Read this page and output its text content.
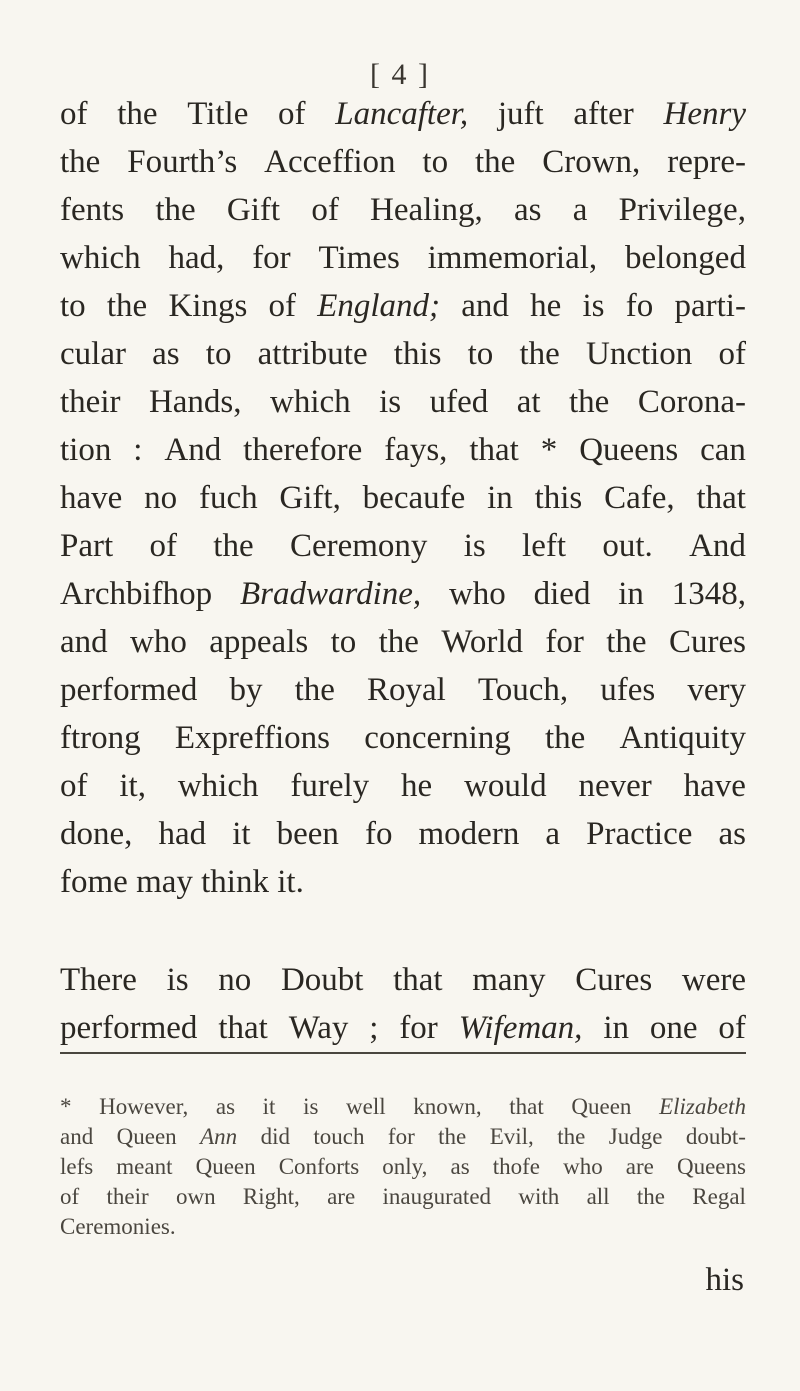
[ 4 ]
of the Title of Lancafter, juft after Henry
the Fourth’s Acceffion to the Crown, repre-
fents the Gift of Healing, as a Privilege,
which had, for Times immemorial, belonged
to the Kings of England; and he is fo parti-
cular as to attribute this to the Unction of
their Hands, which is ufed at the Corona-
tion : And therefore fays, that * Queens can
have no fuch Gift, becaufe in this Cafe, that
Part of the Ceremony is left out. And
Archbifhop Bradwardine, who died in 1348,
and who appeals to the World for the Cures
performed by the Royal Touch, ufes very
ftrong Expreffions concerning the Antiquity
of it, which furely he would never have
done, had it been fo modern a Practice as
fome
may
think
it.
There is no Doubt that many Cures were
performed that Way ; for Wifeman, in one of
* However, as it is well known, that Queen Elizabeth
and Queen Ann did touch for the Evil, the Judge doubt-
lefs meant Queen Conforts only, as thofe who are Queens
of their own Right, are inaugurated with all the Regal
Ceremonies.
his
